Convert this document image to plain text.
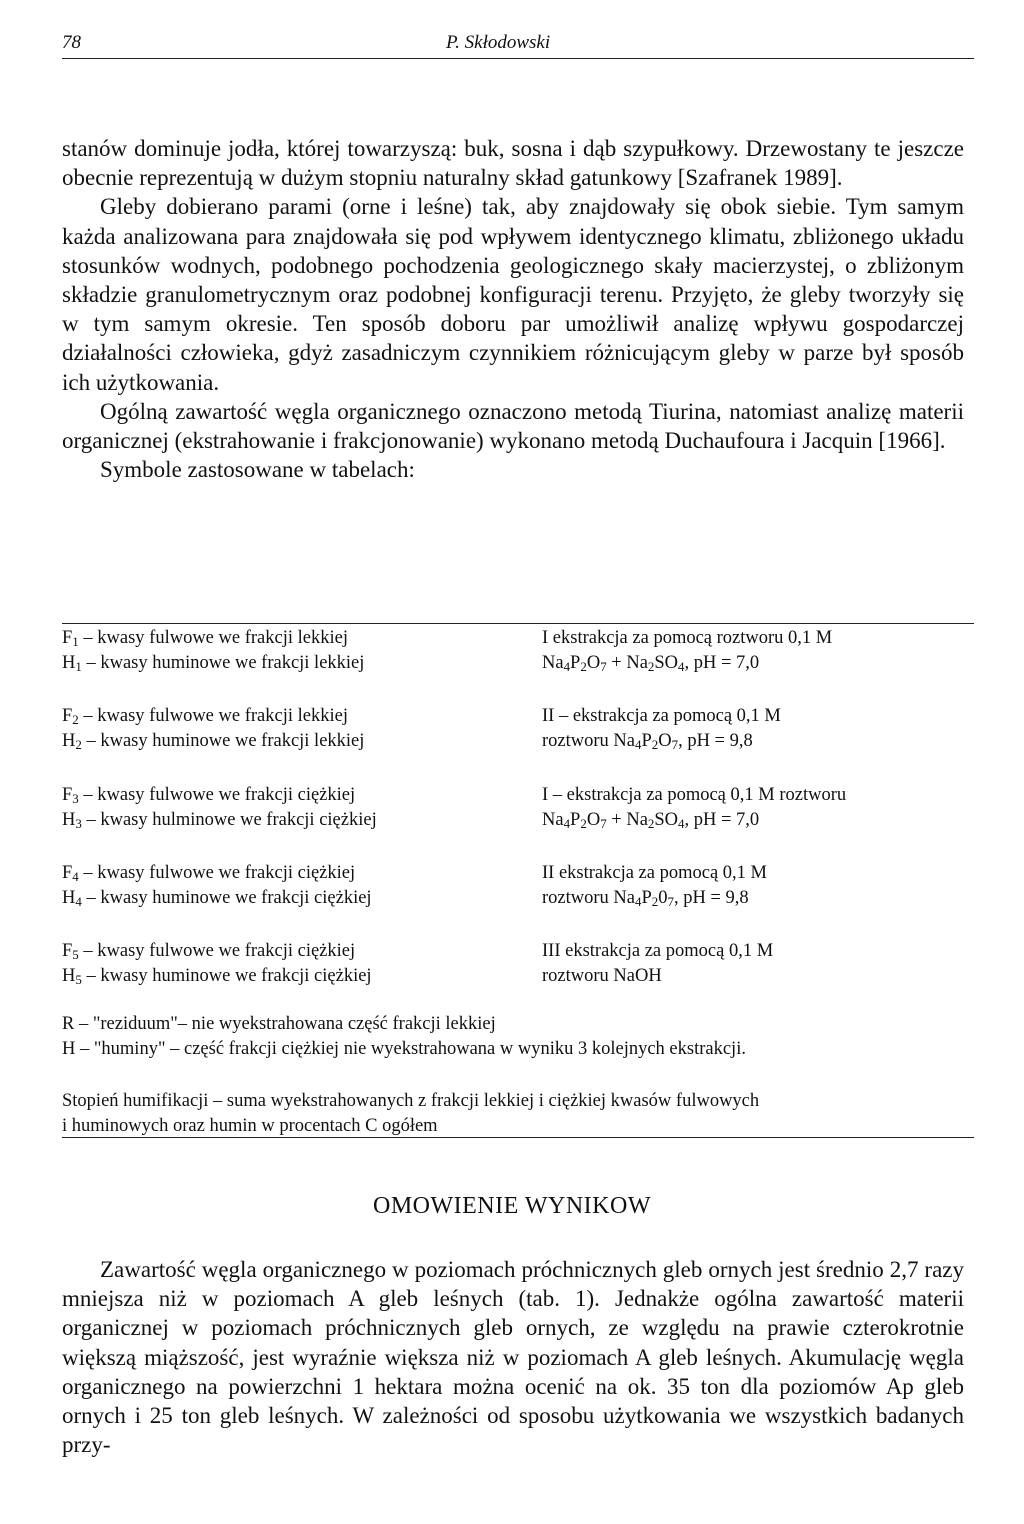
78	P. Skłodowski

stanów dominuje jodła, której towarzyszą: buk, sosna i dąb szypułkowy. Drzewostany te jeszcze obecnie reprezentują w dużym stopniu naturalny skład gatunkowy [Szafranek 1989].

Gleby dobierano parami (orne i leśne) tak, aby znajdowały się obok siebie. Tym samym każda analizowana para znajdowała się pod wpływem identycznego klimatu, zbliżonego układu stosunków wodnych, podobnego pochodzenia geologicznego skały macierzystej, o zbliżonym składzie granulometrycznym oraz podobnej konfiguracji terenu. Przyjęto, że gleby tworzyły się w tym samym okresie. Ten sposób doboru par umożliwił analizę wpływu gospodarczej działalności człowieka, gdyż zasadniczym czynnikiem różnicującym gleby w parze był sposób ich użytkowania.

Ogólną zawartość węgla organicznego oznaczono metodą Tiurina, natomiast analizę materii organicznej (ekstrahowanie i frakcjonowanie) wykonano metodą Duchaufoura i Jacquin [1966].

Symbole zastosowane w tabelach:

$F_1$ – kwasy fulwowe we frakcji lekkiej
$H_1$ – kwasy huminowe we frakcji lekkiej
I ekstrakcja za pomocą roztworu 0,1 M
$Na_4P_2O_7 + Na_2SO_4$, pH = 7,0
$F_2$ – kwasy fulwowe we frakcji lekkiej
$H_2$ – kwasy huminowe we frakcji lekkiej
II – ekstrakcja za pomocą 0,1 M
roztworu $Na_4P_2O_7$, pH = 9,8
$F_3$ – kwasy fulwowe we frakcji ciężkiej
$H_3$ – kwasy hulminowe we frakcji ciężkiej
I – ekstrakcja za pomocą 0,1 M roztworu
$Na_4P_2O_7 + Na_2SO_4$, pH = 7,0
$F_4$ – kwasy fulwowe we frakcji ciężkiej
$H_4$ – kwasy huminowe we frakcji ciężkiej
II ekstrakcja za pomocą 0,1 M
roztworu $Na_4P_20_7$, pH = 9,8
$F_5$ – kwasy fulwowe we frakcji ciężkiej
$H_5$ – kwasy huminowe we frakcji ciężkiej
III ekstrakcja za pomocą 0,1 M
roztworu NaOH
R – "reziduum"– nie wyekstrahowana część frakcji lekkiej
H – "huminy" – część frakcji ciężkiej nie wyekstrahowana w wyniku 3 kolejnych ekstrakcji.
Stopień humifikacji – suma wyekstrahowanych z frakcji lekkiej i ciężkiej kwasów fulwowych
i huminowych oraz humin w procentach C ogółem
OMOWIENIE WYNIKOW

Zawartość węgla organicznego w poziomach próchnicznych gleb ornych jest średnio 2,7 razy mniejsza niż w poziomach A gleb leśnych (tab. 1). Jednakże ogólna zawartość materii organicznej w poziomach próchnicznych gleb ornych, ze względu na prawie czterokrotnie większą miąższość, jest wyraźnie większa niż w poziomach A gleb leśnych. Akumulację węgla organicznego na powierzchni 1 hektara można ocenić na ok. 35 ton dla poziomów Ap gleb ornych i 25 ton gleb leśnych. W zależności od sposobu użytkowania we wszystkich badanych przy-
